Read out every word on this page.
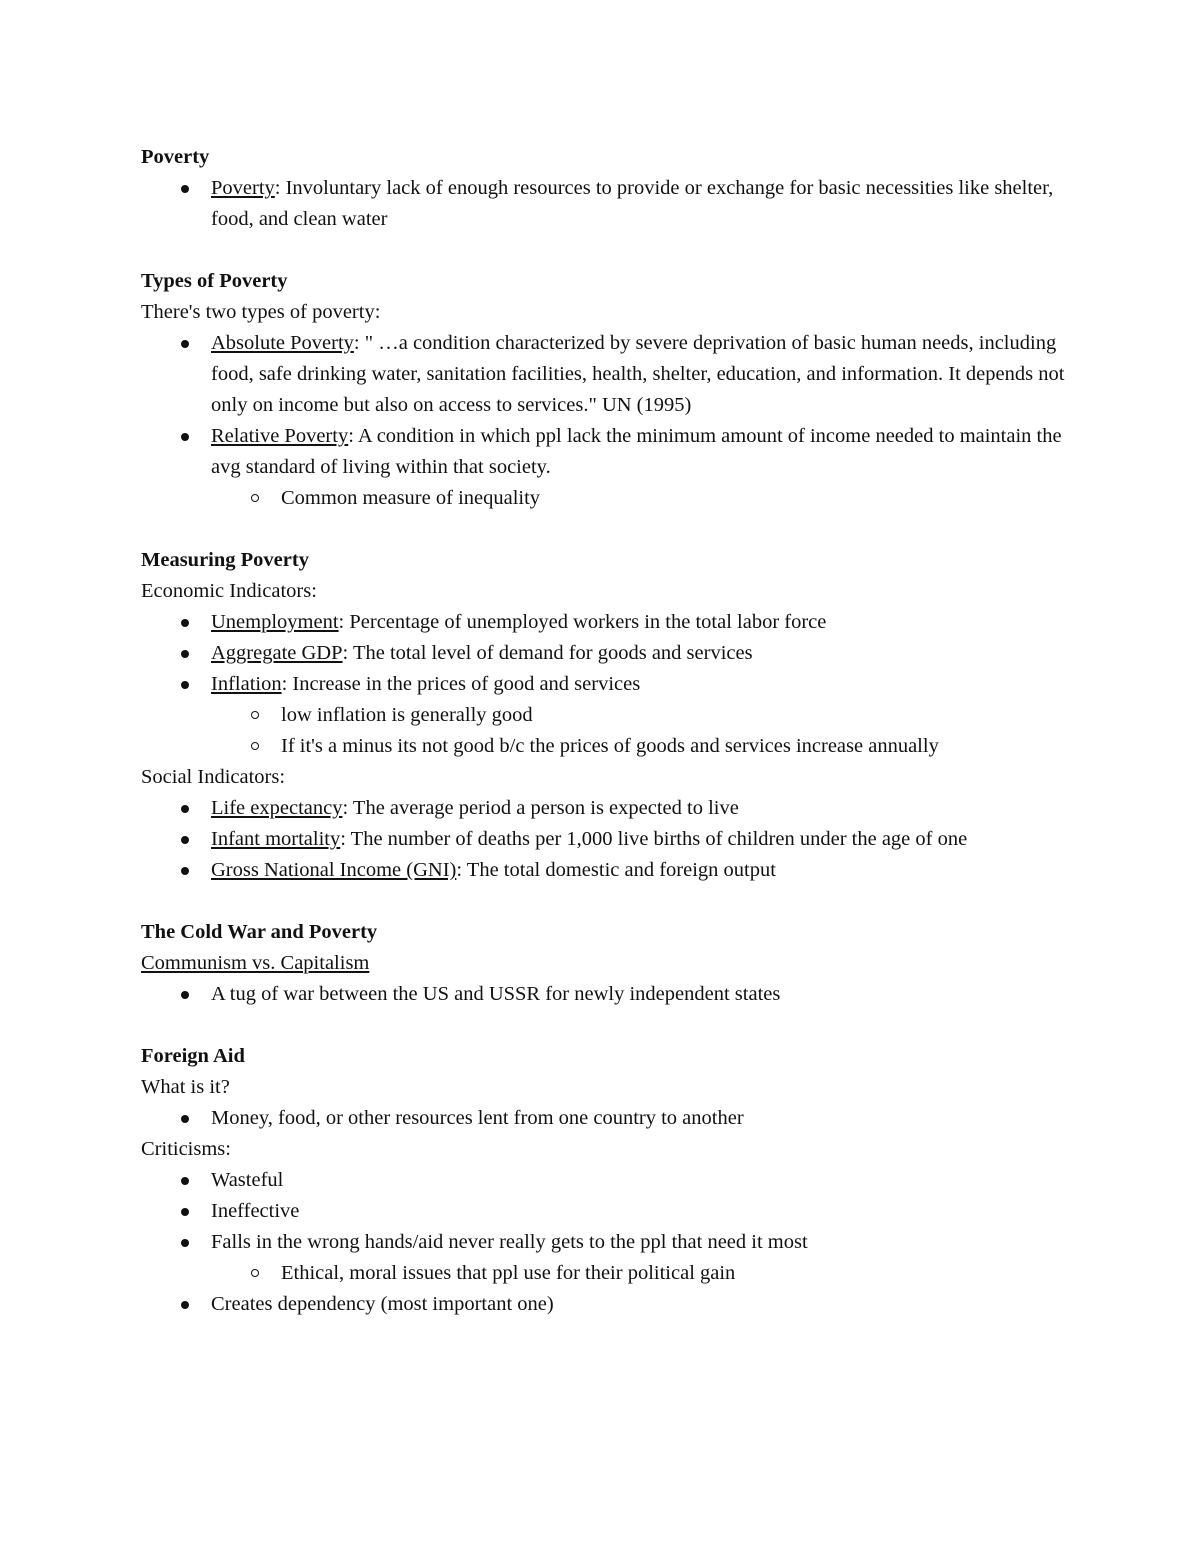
Poverty

Poverty: Involuntary lack of enough resources to provide or exchange for basic necessities like shelter, food, and clean water

Types of Poverty

There's two types of poverty:

Absolute Poverty: " …a condition characterized by severe deprivation of basic human needs, including food, safe drinking water, sanitation facilities, health, shelter, education, and information. It depends not only on income but also on access to services." UN (1995)
Relative Poverty: A condition in which ppl lack the minimum amount of income needed to maintain the avg standard of living within that society.
Common measure of inequality

Measuring Poverty

Economic Indicators:

Unemployment: Percentage of unemployed workers in the total labor force
Aggregate GDP: The total level of demand for goods and services
Inflation: Increase in the prices of good and services
low inflation is generally good
If it's a minus its not good b/c the prices of goods and services increase annually

Social Indicators:

Life expectancy: The average period a person is expected to live
Infant mortality: The number of deaths per 1,000 live births of children under the age of one
Gross National Income (GNI): The total domestic and foreign output

The Cold War and Poverty

Communism vs. Capitalism

A tug of war between the US and USSR for newly independent states

Foreign Aid

What is it?

Money, food, or other resources lent from one country to another

Criticisms:

Wasteful
Ineffective
Falls in the wrong hands/aid never really gets to the ppl that need it most
Ethical, moral issues that ppl use for their political gain
Creates dependency (most important one)
